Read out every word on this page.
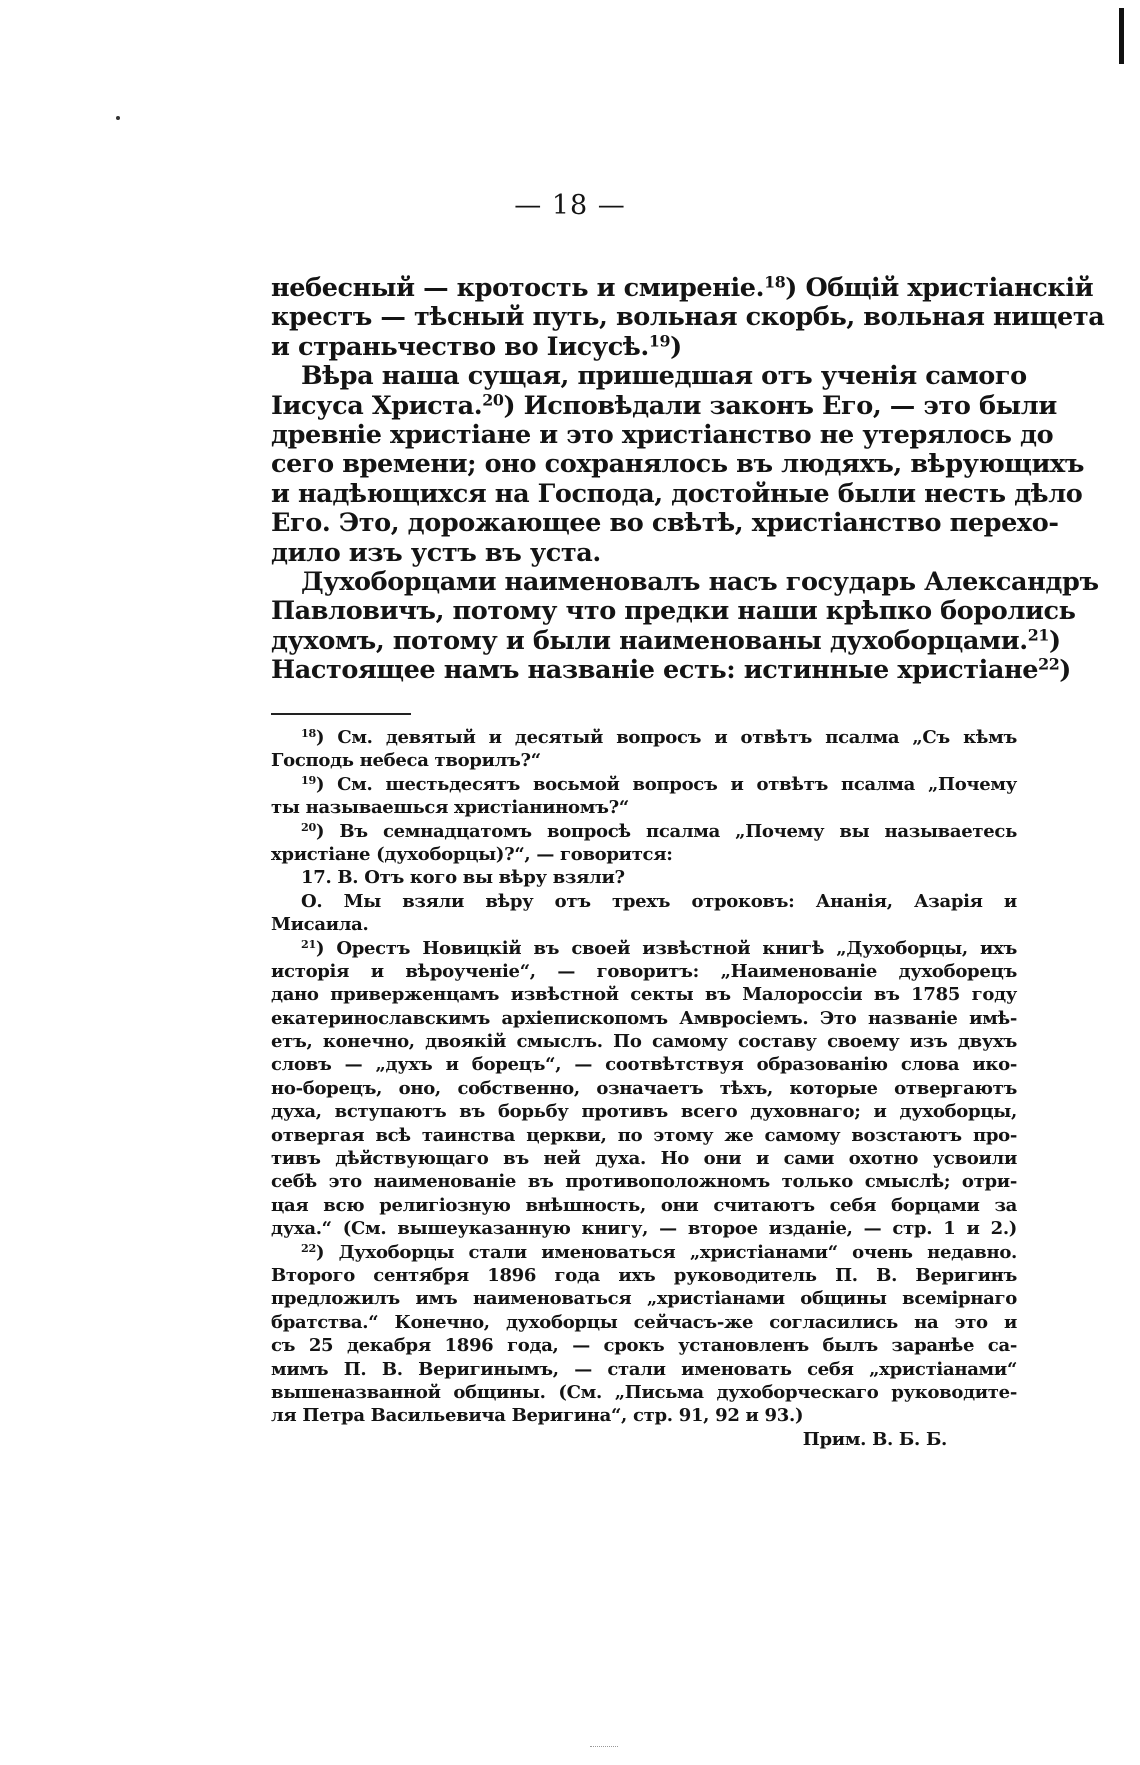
— 18 —
небесный — кротость и смиреніе.$^{18}$) Общій христіанскій
крестъ — тѣсный путь, вольная скорбь, вольная нищета
и страньчество во Іисусѣ.$^{19}$)
Вѣра наша сущая, пришедшая отъ ученія самого
Іисуса Христа.$^{20}$) Исповѣдали законъ Его, — это были
древніе христіане и это христіанство не утерялось до
сего времени; оно сохранялось въ людяхъ, вѣрующихъ
и надѣющихся на Господа, достойные были несть дѣло
Его. Это, дорожающее во свѣтѣ, христіанство перехо-
дило изъ устъ въ уста.
Духоборцами наименовалъ насъ государь Александръ
Павловичъ, потому что предки наши крѣпко боролись
духомъ, потому и были наименованы духоборцами.$^{21}$)
Настоящее намъ названіе есть: истинные христіане$^{22}$)
$^{18}$) См. девятый и десятый вопросъ и отвѣтъ псалма „Съ кѣмъ
Господь небеса творилъ?“
$^{19}$) См. шестьдесятъ восьмой вопросъ и отвѣтъ псалма „Почему
ты называешься христіаниномъ?“
$^{20}$) Въ семнадцатомъ вопросѣ псалма „Почему вы называетесь
христіане (духоборцы)?“, — говорится:
17. В. Отъ кого вы вѣру взяли?
О. Мы взяли вѣру отъ трехъ отроковъ: Ананія, Азарія и
Мисаила.
$^{21}$) Орестъ Новицкій въ своей извѣстной книгѣ „Духоборцы, ихъ
исторія и вѣроученіе“, — говоритъ: „Наименованіе духоборецъ
дано приверженцамъ извѣстной секты въ Малороссіи въ 1785 году
екатеринославскимъ архіепископомъ Амвросіемъ. Это названіе имѣ-
етъ, конечно, двоякій смыслъ. По самому составу своему изъ двухъ
словъ — „духъ и борецъ“, — соотвѣтствуя образованію слова ико-
но-борецъ, оно, собственно, означаетъ тѣхъ, которые отвергаютъ
духа, вступаютъ въ борьбу противъ всего духовнаго; и духоборцы,
отвергая всѣ таинства церкви, по этому же самому возстаютъ про-
тивъ дѣйствующаго въ ней духа. Но они и сами охотно усвоили
себѣ это наименованіе въ противоположномъ только смыслѣ; отри-
цая всю религіозную внѣшность, они считаютъ себя борцами за
духа.“ (См. вышеуказанную книгу, — второе изданіе, — стр. 1 и 2.)
$^{22}$) Духоборцы стали именоваться „христіанами“ очень недавно.
Второго сентября 1896 года ихъ руководитель П. В. Веригинъ
предложилъ имъ наименоваться „христіанами общины всемірнаго
братства.“ Конечно, духоборцы сейчасъ-же согласились на это и
съ 25 декабря 1896 года, — срокъ установленъ былъ заранѣе са-
мимъ П. В. Веригинымъ, — стали именовать себя „христіанами“
вышеназванной общины. (См. „Письма духоборческаго руководите-
ля Петра Васильевича Веригина“, стр. 91, 92 и 93.)
Прим. В. Б. Б.
